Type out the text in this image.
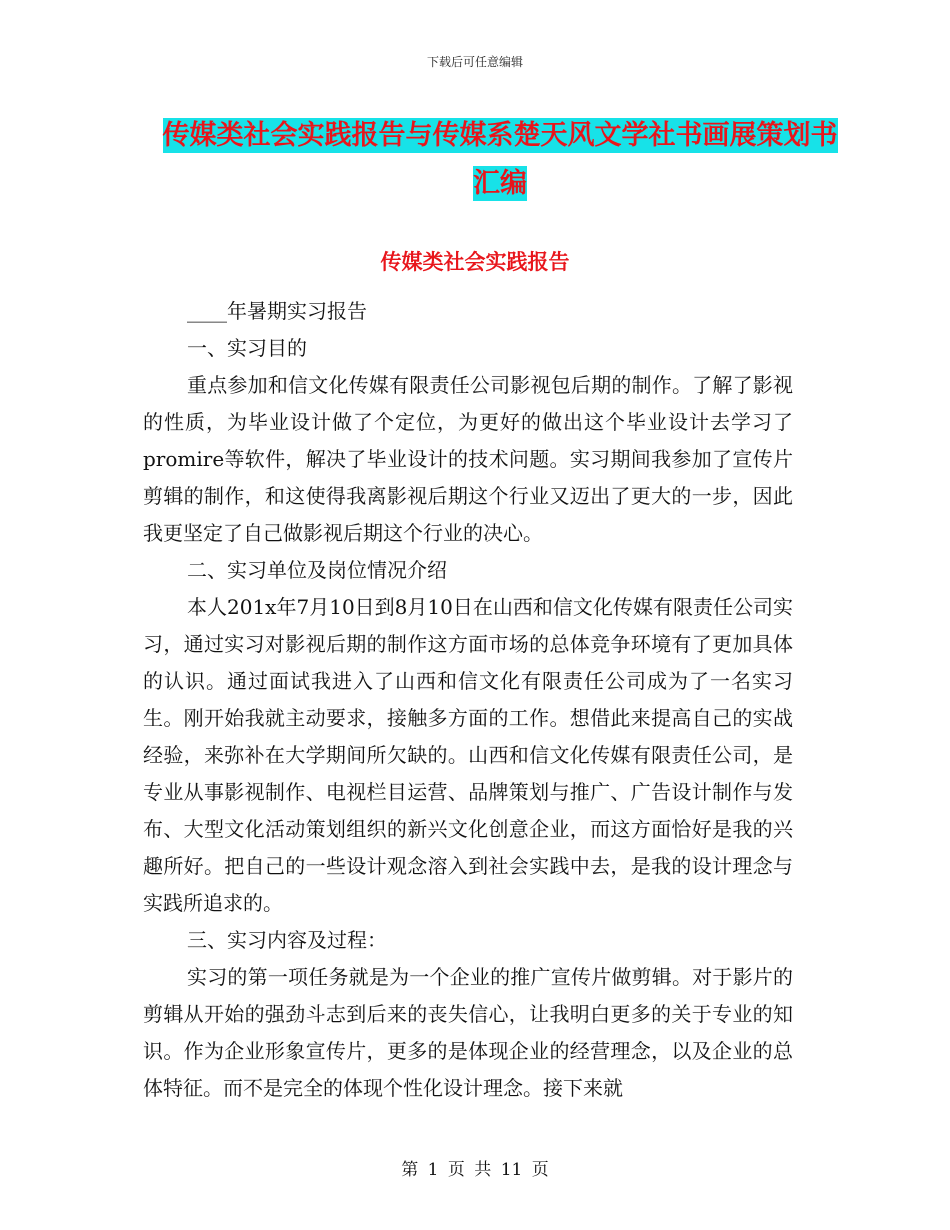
下载后可任意编辑
传媒类社会实践报告与传媒系楚天风文学社书画展策划书汇编
传媒类社会实践报告

____年暑期实习报告

一、实习目的

重点参加和信文化传媒有限责任公司影视包后期的制作。了解了影视的性质，为毕业设计做了个定位，为更好的做出这个毕业设计去学习了promire等软件，解决了毕业设计的技术问题。实习期间我参加了宣传片剪辑的制作，和这使得我离影视后期这个行业又迈出了更大的一步，因此我更坚定了自己做影视后期这个行业的决心。

二、实习单位及岗位情况介绍

本人201x年7月10日到8月10日在山西和信文化传媒有限责任公司实习，通过实习对影视后期的制作这方面市场的总体竞争环境有了更加具体的认识。通过面试我进入了山西和信文化有限责任公司成为了一名实习生。刚开始我就主动要求，接触多方面的工作。想借此来提高自己的实战经验，来弥补在大学期间所欠缺的。山西和信文化传媒有限责任公司，是专业从事影视制作、电视栏目运营、品牌策划与推广、广告设计制作与发布、大型文化活动策划组织的新兴文化创意企业，而这方面恰好是我的兴趣所好。把自己的一些设计观念溶入到社会实践中去，是我的设计理念与实践所追求的。

三、实习内容及过程：

实习的第一项任务就是为一个企业的推广宣传片做剪辑。对于影片的剪辑从开始的强劲斗志到后来的丧失信心，让我明白更多的关于专业的知识。作为企业形象宣传片，更多的是体现企业的经营理念，以及企业的总体特征。而不是完全的体现个性化设计理念。接下来就

第 1 页 共 11 页
